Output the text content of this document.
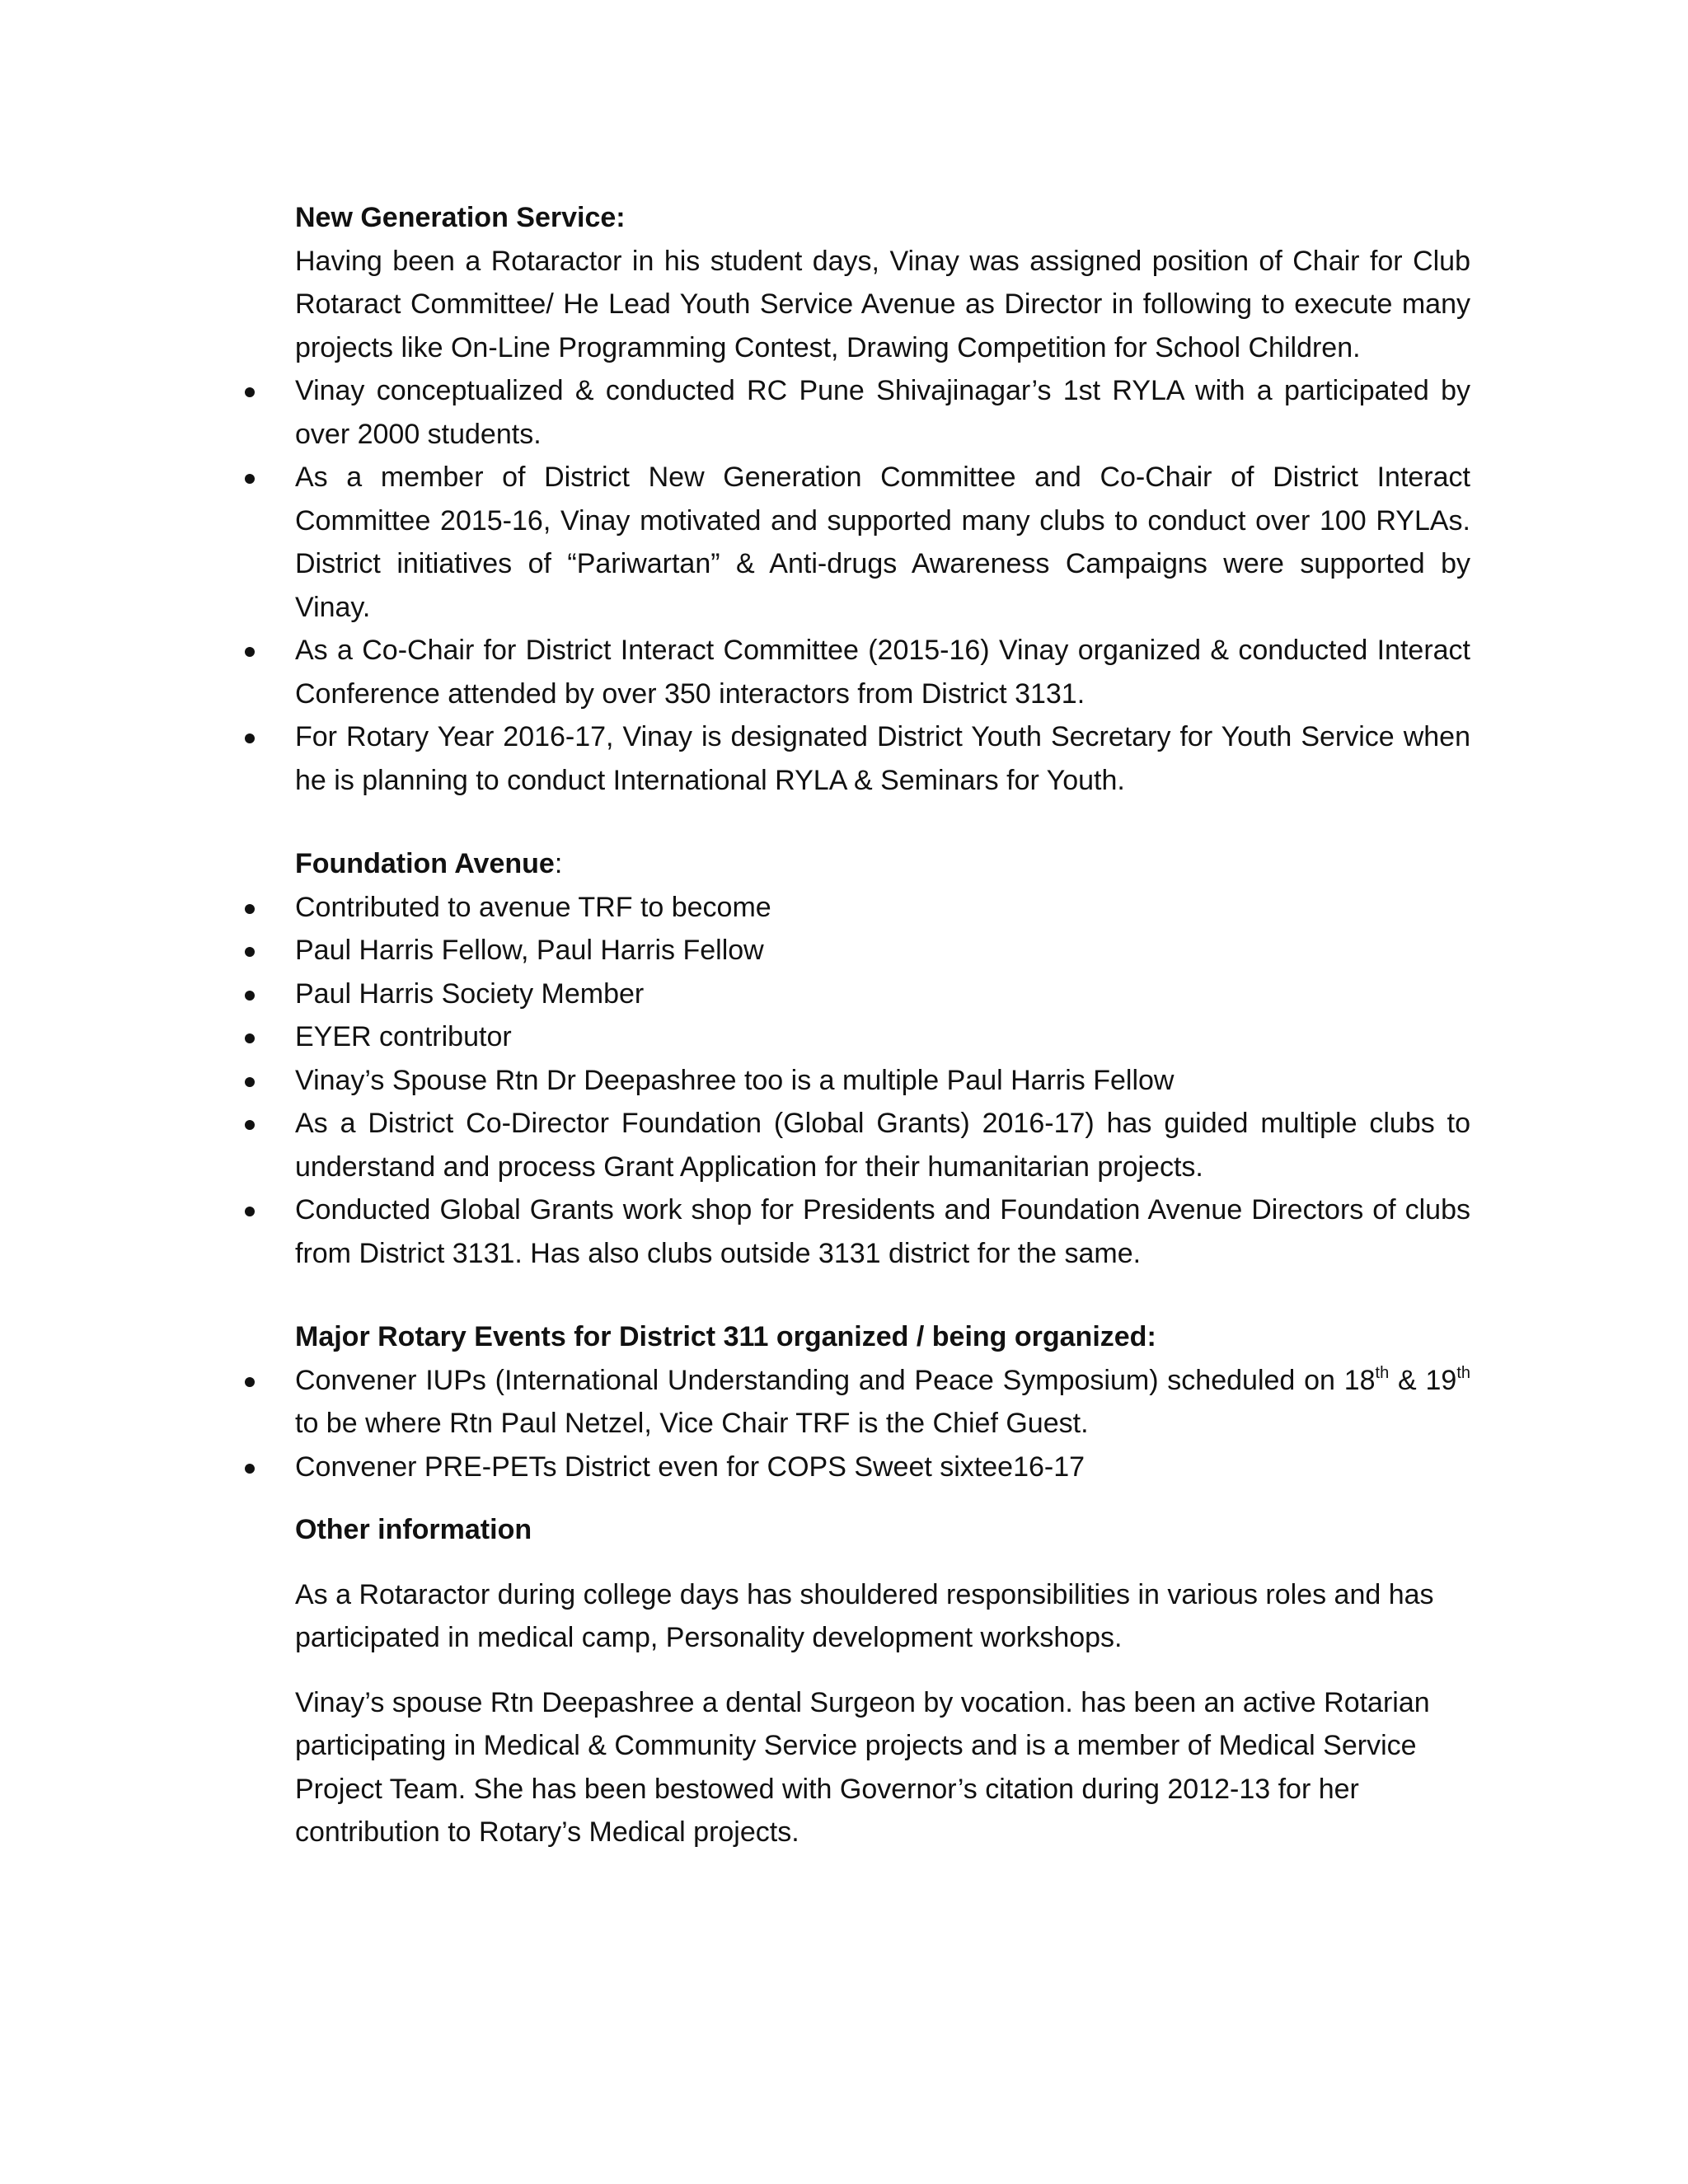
New Generation Service:

Having been a Rotaractor in his student days, Vinay was assigned position of Chair for Club Rotaract Committee/ He Lead Youth Service Avenue as Director in following to execute many projects like On-Line Programming Contest, Drawing Competition for School Children.

Vinay conceptualized & conducted RC Pune Shivajinagar’s 1st RYLA with a participated by over 2000 students.
As a member of District New Generation Committee and Co-Chair of District Interact Committee 2015-16, Vinay motivated and supported many clubs to conduct over 100 RYLAs. District initiatives of “Pariwartan” & Anti-drugs Awareness Campaigns were supported by Vinay.
As a Co-Chair for District Interact Committee (2015-16) Vinay organized & conducted Interact Conference attended by over 350 interactors from District 3131.
For Rotary Year 2016-17, Vinay is designated District Youth Secretary for Youth Service when he is planning to conduct International RYLA & Seminars for Youth.

Foundation Avenue:

Contributed to avenue TRF to become
Paul Harris Fellow, Paul Harris Fellow
Paul Harris Society Member
EYER contributor
Vinay’s Spouse Rtn Dr Deepashree too is a multiple Paul Harris Fellow
As a District Co-Director Foundation (Global Grants) 2016-17) has guided multiple clubs to understand and process Grant Application for their humanitarian projects.
Conducted Global Grants work shop for Presidents and Foundation Avenue Directors of clubs from District 3131. Has also clubs outside 3131 district for the same.

Major Rotary Events for District 311 organized / being organized:

Convener IUPs (International Understanding and Peace Symposium) scheduled on 18th & 19th to be where Rtn Paul Netzel, Vice Chair TRF is the Chief Guest.
Convener PRE-PETs District even for COPS Sweet sixtee16-17

Other information

As a Rotaractor during college days has shouldered responsibilities in various roles and has participated in medical camp, Personality development workshops.

Vinay’s spouse Rtn Deepashree a dental Surgeon by vocation. has been an active Rotarian participating in Medical & Community Service projects and is a member of Medical Service Project Team. She has been bestowed with Governor’s citation during 2012-13 for her contribution to Rotary’s Medical projects.
